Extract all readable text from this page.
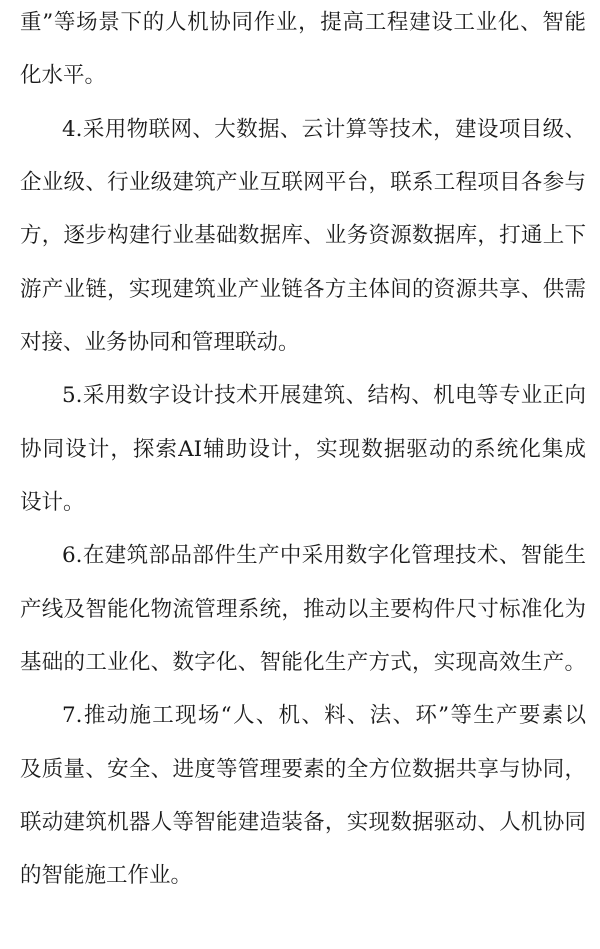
重”等场景下的人机协同作业，提高工程建设工业化、智能
化水平。
4.采用物联网、大数据、云计算等技术，建设项目级、
企业级、行业级建筑产业互联网平台，联系工程项目各参与
方，逐步构建行业基础数据库、业务资源数据库，打通上下
游产业链，实现建筑业产业链各方主体间的资源共享、供需
对接、业务协同和管理联动。
5.采用数字设计技术开展建筑、结构、机电等专业正向
协同设计，探索AI辅助设计，实现数据驱动的系统化集成
设计。
6.在建筑部品部件生产中采用数字化管理技术、智能生
产线及智能化物流管理系统，推动以主要构件尺寸标准化为
基础的工业化、数字化、智能化生产方式，实现高效生产。
7.推动施工现场“人、机、料、法、环”等生产要素以
及质量、安全、进度等管理要素的全方位数据共享与协同，
联动建筑机器人等智能建造装备，实现数据驱动、人机协同
的智能施工作业。
